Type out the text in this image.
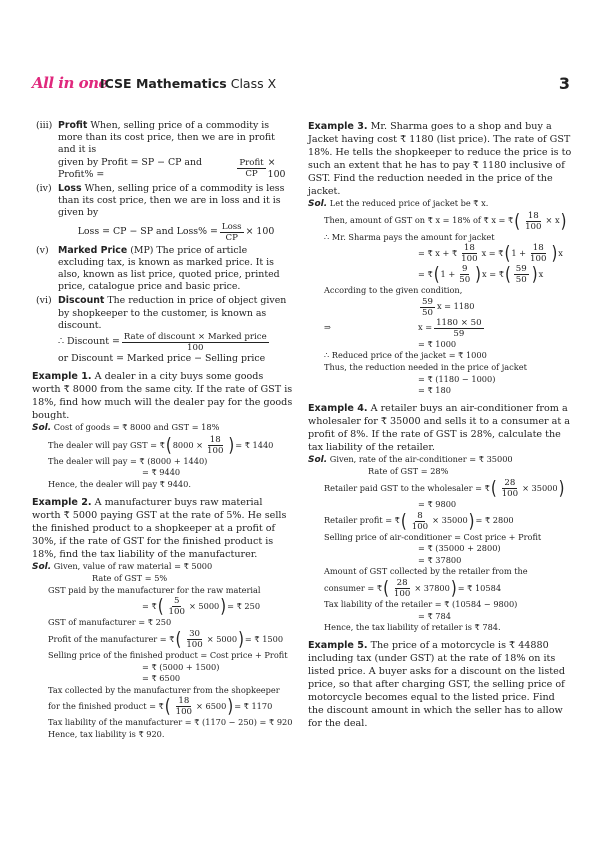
All in one
ICSE Mathematics Class X	3
(iii) Profit When, selling price of a commodity is more than its cost price, then we are in profit and it is
given by Profit = SP − CP and Profit% =	$\frac{\text{Profit}}{CP} \times 100$
(iv) Loss When, selling price of a commodity is less than its cost price, then we are in loss and it is given by
Loss = CP − SP and Loss% = $\frac{\text{Loss}}{CP} \times 100$
(v) Marked Price (MP) The price of article excluding tax, is known as marked price. It is also, known as list price, quoted price, printed price, catalogue price and basic price.
(vi) Discount The reduction in price of object given by shopkeeper to the customer, is known as discount.
∴ Discount = $\frac{\text{Rate of discount × Marked price}}{100}$
or Discount = Marked price − Selling price
Example 1. A dealer in a city buys some goods worth ₹ 8000 from the same city. If the rate of GST is 18%, find how much will the dealer pay for the goods bought.
Sol. Cost of goods = ₹ 8000 and GST = 18%
The dealer will pay GST = ₹ ( $8000 \times \frac{18}{100}$ ) = ₹ 1440
The dealer will pay = ₹ (8000 + 1440)
= ₹ 9440
Hence, the dealer will pay ₹ 9440.
Example 2. A manufacturer buys raw material worth ₹ 5000 paying GST at the rate of 5%. He sells the finished product to a shopkeeper at a profit of 30%, if the rate of GST for the finished product is 18%, find the tax liability of the manufacturer.
Sol. Given, value of raw material = ₹ 5000
Rate of GST = 5%
GST paid by the manufacturer for the raw material
= ₹ ( $\frac{5}{100} \times 5000$ ) = ₹ 250
GST of manufacturer = ₹ 250
Profit of the manufacturer = ₹ ( $\frac{30}{100} \times 5000$ ) = ₹ 1500
Selling price of the finished product = Cost price + Profit
= ₹ (5000 + 1500)
= ₹ 6500
Tax collected by the manufacturer from the shopkeeper
for the finished product = ₹ ( $\frac{18}{100} \times 6500$ ) = ₹ 1170
Tax liability of the manufacturer = ₹ (1170 − 250) = ₹ 920
Hence, tax liability is ₹ 920.
Example 3. Mr. Sharma goes to a shop and buy a Jacket having cost ₹ 1180 (list price). The rate of GST 18%. He tells the shopkeeper to reduce the price is to such an extent that he has to pay ₹ 1180 inclusive of GST. Find the reduction needed in the price of the jacket.
Sol. Let the reduced price of jacket be ₹ x.
Then, amount of GST on ₹ x = 18% of ₹ x = ₹ ( $\frac{18}{100} \times x$ )
∴ Mr. Sharma pays the amount for jacket
= ₹ x + ₹ $\frac{18}{100}$ x = ₹ ( $1 + \frac{18}{100}$ ) x
= ₹ ( $1 + \frac{9}{50}$ ) x = ₹ ( $\frac{59}{50}$ ) x
According to the given condition,
$\frac{59}{50}$ x = 1180
⇒	$x = \frac{1180 \times 50}{59}$
= ₹ 1000
∴ Reduced price of the jacket = ₹ 1000
Thus, the reduction needed in the price of jacket
= ₹ (1180 − 1000)
= ₹ 180
Example 4. A retailer buys an air-conditioner from a wholesaler for ₹ 35000 and sells it to a consumer at a profit of 8%. If the rate of GST is 28%, calculate the tax liability of the retailer.
Sol. Given, rate of the air-conditioner = ₹ 35000
Rate of GST = 28%
Retailer paid GST to the wholesaler = ₹ ( $\frac{28}{100} \times 35000$ )
= ₹ 9800
Retailer profit = ₹ ( $\frac{8}{100} \times 35000$ ) = ₹ 2800
Selling price of air-conditioner = Cost price + Profit
= ₹ (35000 + 2800)
= ₹ 37800
Amount of GST collected by the retailer from the
consumer = ₹ ( $\frac{28}{100} \times 37800$ ) = ₹ 10584
Tax liability of the retailer = ₹ (10584 − 9800)
= ₹ 784
Hence, the tax liability of retailer is ₹ 784.
Example 5. The price of a motorcycle is ₹ 44880 including tax (under GST) at the rate of 18% on its listed price. A buyer asks for a discount on the listed price, so that after charging GST, the selling price of motorcycle becomes equal to the listed price. Find the discount amount in which the seller has to allow for the deal.
